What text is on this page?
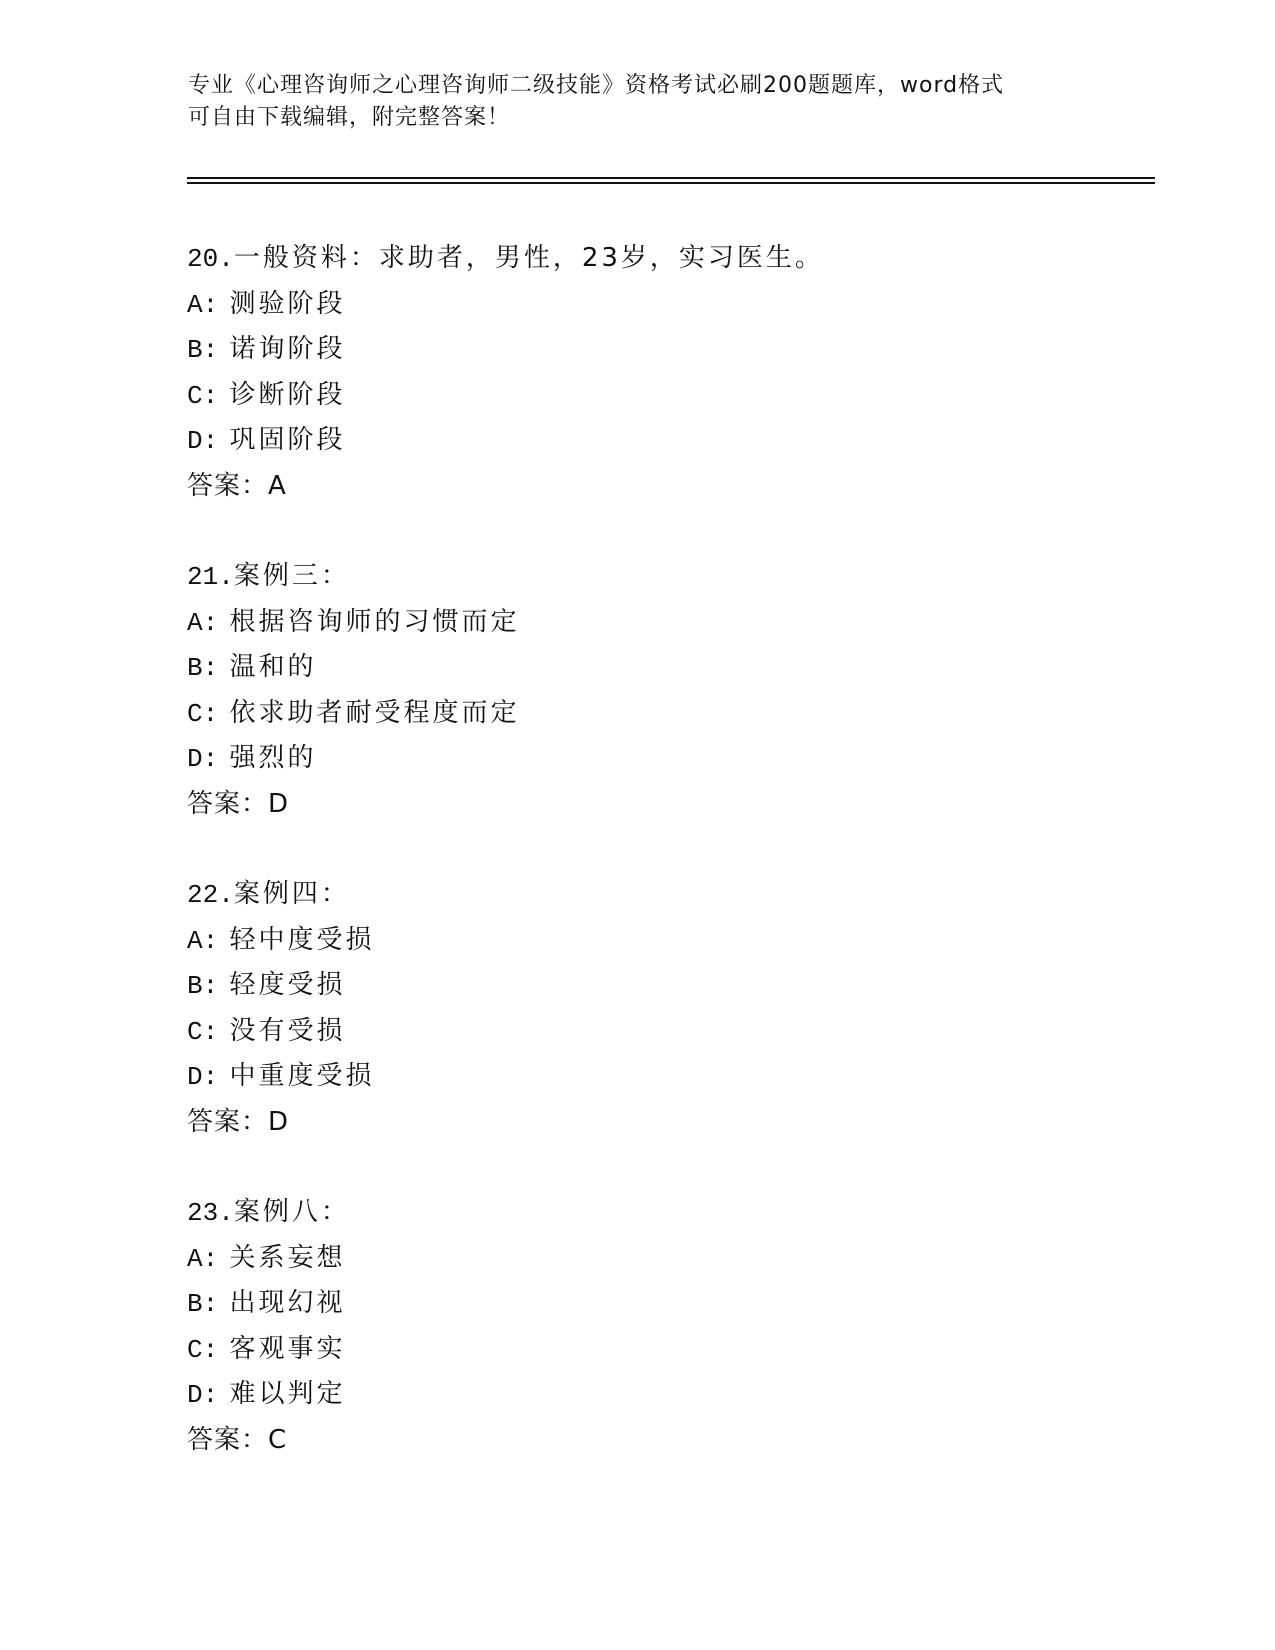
专业《心理咨询师之心理咨询师二级技能》资格考试必刷200题题库，word格式
可自由下载编辑，附完整答案！
20.一般资料：求助者，男性，23岁，实习医生。
A: 测验阶段
B: 诺询阶段
C: 诊断阶段
D: 巩固阶段
答案：A
21.案例三：
A: 根据咨询师的习惯而定
B: 温和的
C: 依求助者耐受程度而定
D: 强烈的
答案：D
22.案例四：
A: 轻中度受损
B: 轻度受损
C: 没有受损
D: 中重度受损
答案：D
23.案例八：
A: 关系妄想
B: 出现幻视
C: 客观事实
D: 难以判定
答案：C
